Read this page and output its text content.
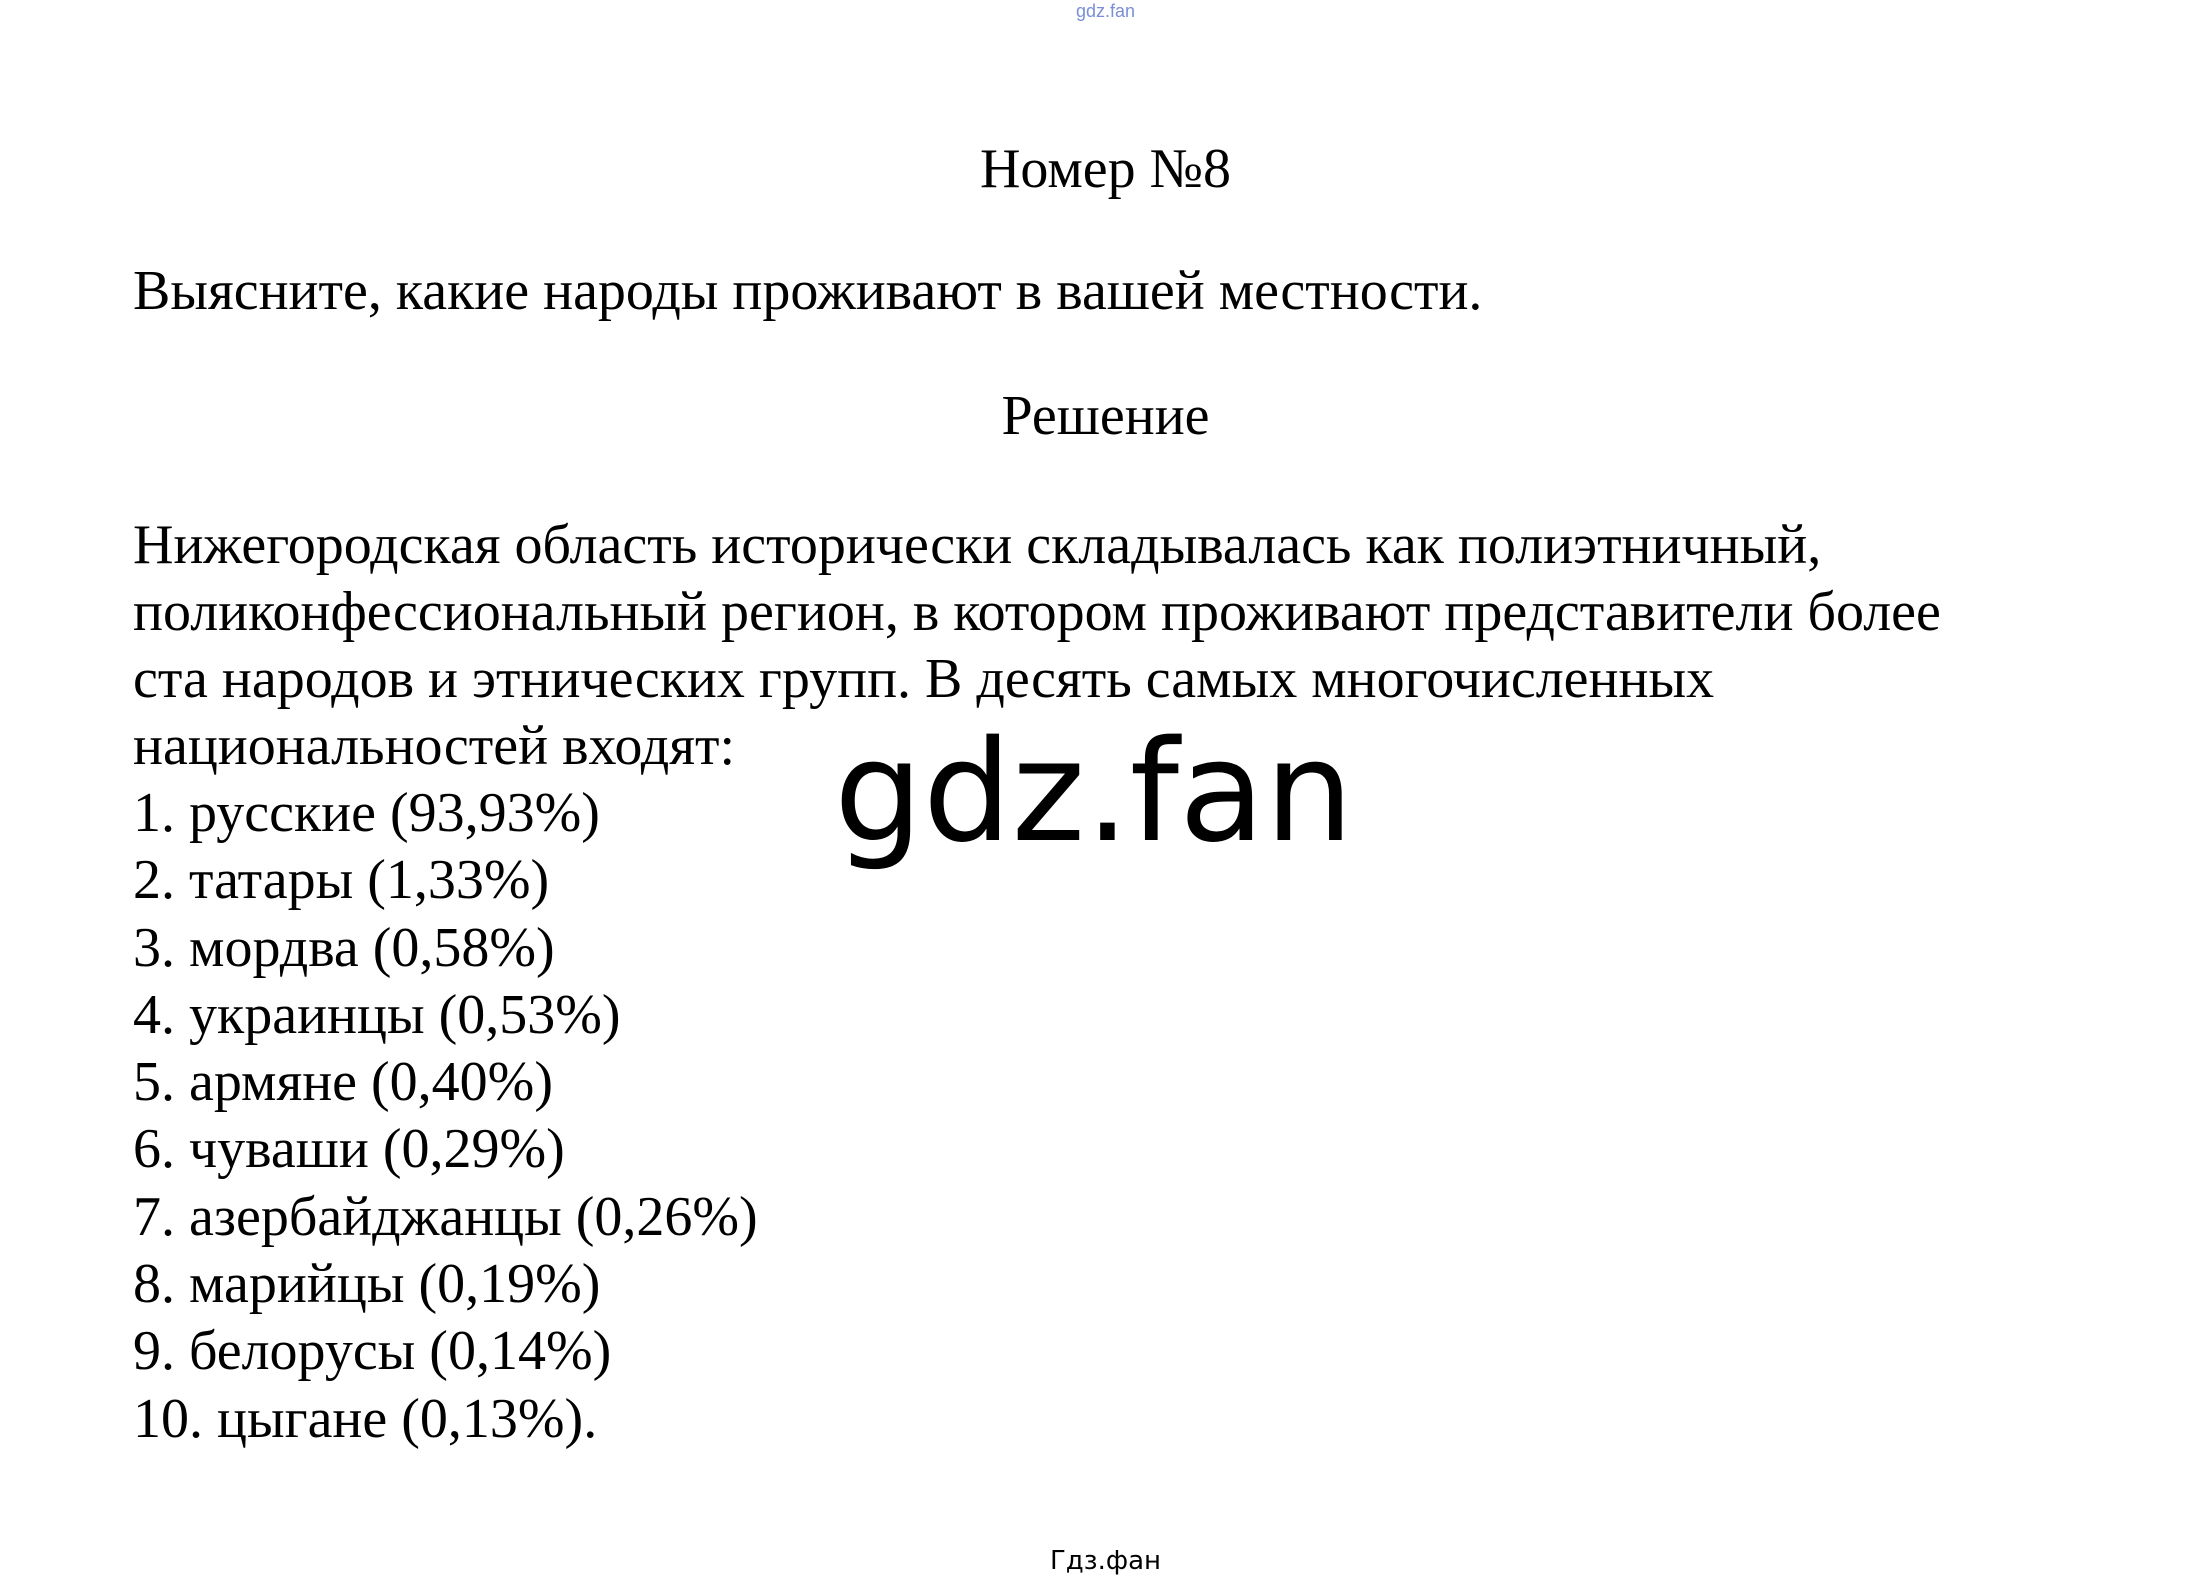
gdz.fan
Номер №8
Выясните, какие народы проживают в вашей местности.
Решение
Нижегородская область исторически складывалась как полиэтничный,
поликонфессиональный регион, в котором проживают представители более
ста народов и этнических групп. В десять самых многочисленных
национальностей входят:
1. русские (93,93%)
2. татары (1,33%)
3. мордва (0,58%)
4. украинцы (0,53%)
5. армяне (0,40%)
6. чуваши (0,29%)
7. азербайджанцы (0,26%)
8. марийцы (0,19%)
9. белорусы (0,14%)
10. цыгане (0,13%).
gdz.fan
Гдз.фан
